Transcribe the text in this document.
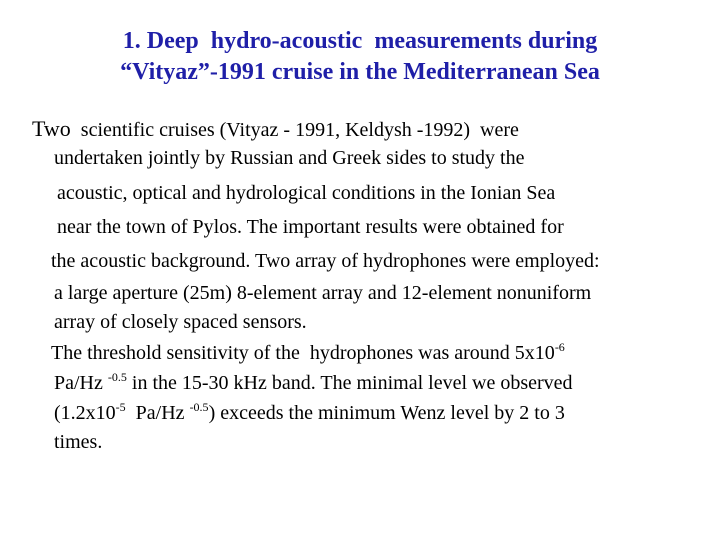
1. Deep  hydro-acoustic  measurements during
“Vityaz”-1991 cruise in the Mediterranean Sea
Two  scientific cruises (Vityaz - 1991, Keldysh -1992)  were
undertaken jointly by Russian and Greek sides to study the
acoustic, optical and hydrological conditions in the Ionian Sea
near the town of Pylos. The important results were obtained for
the acoustic background. Two array of hydrophones were employed:
a large aperture (25m) 8-element array and 12-element nonuniform
array of closely spaced sensors.
The threshold sensitivity of the  hydrophones was around $5x10^{-6}$
Pa/Hz $^{-0.5}$ in the 15-30 kHz band. The minimal level we observed
($1.2x10^{-5}$  Pa/Hz $^{-0.5}$) exceeds the minimum Wenz level by 2 to 3
times.
